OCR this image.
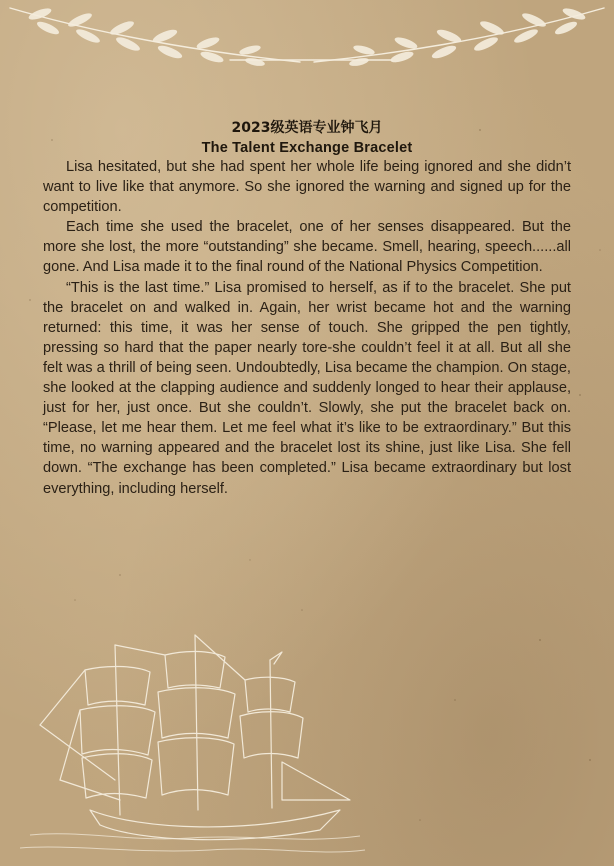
2023级英语专业钟飞月
The Talent Exchange Bracelet

Lisa hesitated, but she had spent her whole life being ignored and she didn’t want to live like that anymore. So she ignored the warning and signed up for the competition.

Each time she used the bracelet, one of her senses disappeared. But the more she lost, the more “outstanding” she became. Smell, hearing, speech......all gone. And Lisa made it to the final round of the National Physics Competition.

“This is the last time.” Lisa promised to herself, as if to the bracelet. She put the bracelet on and walked in. Again, her wrist became hot and the warning returned: this time, it was her sense of touch. She gripped the pen tightly, pressing so hard that the paper nearly tore-she couldn’t feel it at all. But all she felt was a thrill of being seen. Undoubtedly, Lisa became the champion. On stage, she looked at the clapping audience and suddenly longed to hear their applause, just for her, just once. But she couldn’t. Slowly, she put the bracelet back on. “Please, let me hear them. Let me feel what it’s like to be extraordinary.” But this time, no warning appeared and the bracelet lost its shine, just like Lisa. She fell down. “The exchange has been completed.” Lisa became extraordinary but lost everything, including herself.
